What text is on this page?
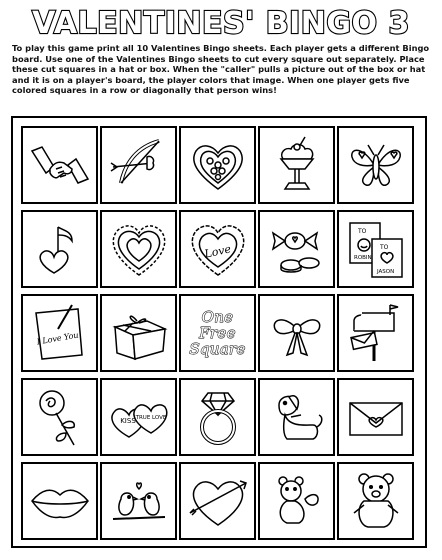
VALENTINES' BINGO 3
To play this game print all 10 Valentines Bingo sheets. Each player gets a different Bingo board. Use one of the Valentines Bingo sheets to cut every square out separately. Place these cut squares in a hat or box. When the "caller" pulls a picture out of the box or hat and it is on a player's board, the player colors that image. When one player gets five colored squares in a row or diagonally that person wins!
Love
TO
ROBIN
TO
JASON
I Love You
One
Free
Square
KISS TRUE LOVE
